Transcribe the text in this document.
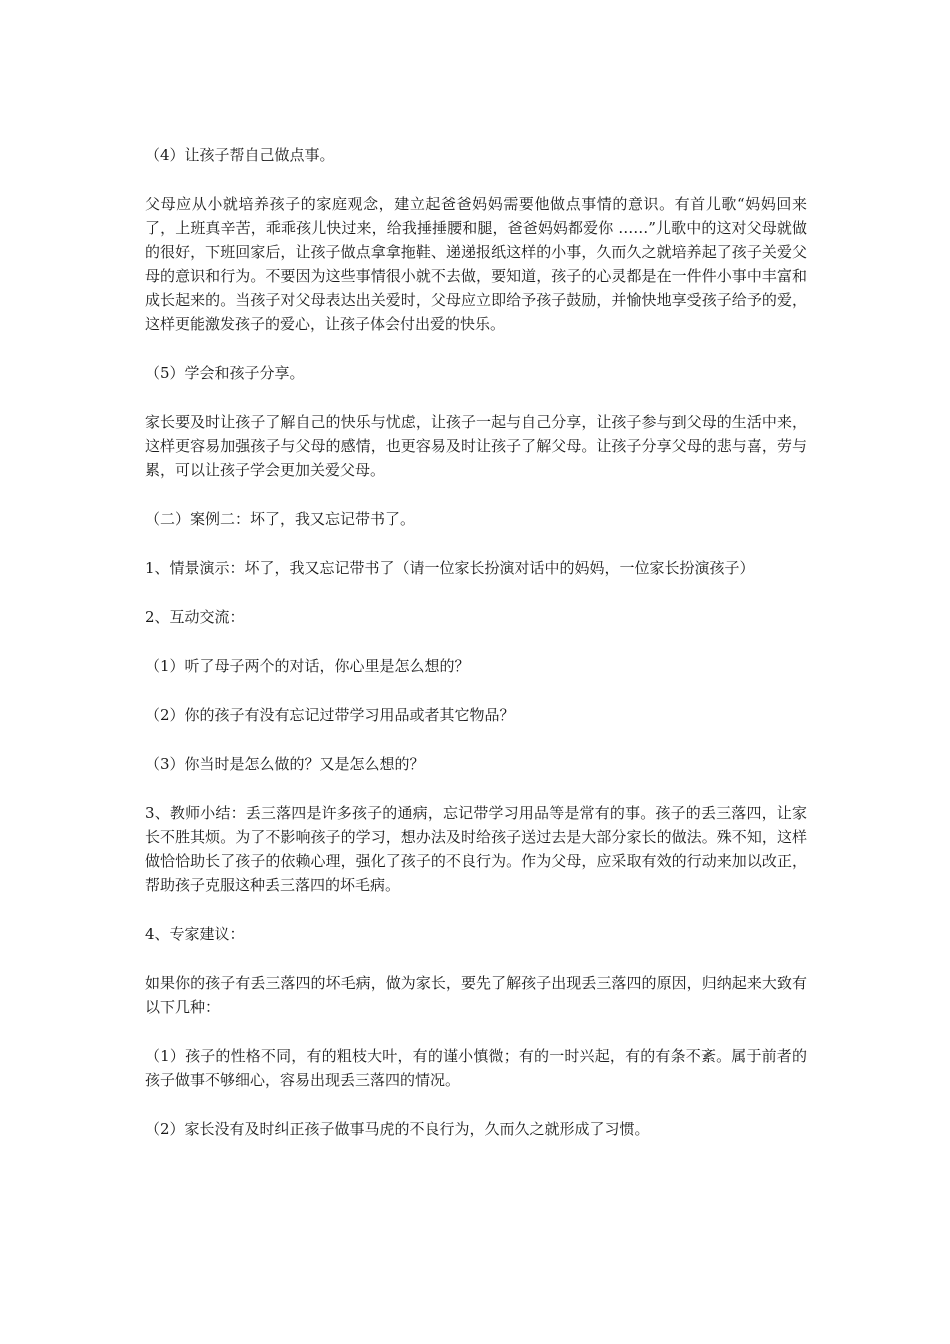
（4）让孩子帮自己做点事。

父母应从小就培养孩子的家庭观念，建立起爸爸妈妈需要他做点事情的意识。有首儿歌“妈妈回来了，上班真辛苦，乖乖孩儿快过来，给我捶捶腰和腿，爸爸妈妈都爱你 ……”儿歌中的这对父母就做的很好，下班回家后，让孩子做点拿拿拖鞋、递递报纸这样的小事，久而久之就培养起了孩子关爱父母的意识和行为。不要因为这些事情很小就不去做，要知道，孩子的心灵都是在一件件小事中丰富和成长起来的。当孩子对父母表达出关爱时，父母应立即给予孩子鼓励，并愉快地享受孩子给予的爱，这样更能激发孩子的爱心，让孩子体会付出爱的快乐。

（5）学会和孩子分享。

家长要及时让孩子了解自己的快乐与忧虑，让孩子一起与自己分享，让孩子参与到父母的生活中来，这样更容易加强孩子与父母的感情，也更容易及时让孩子了解父母。让孩子分享父母的悲与喜，劳与累，可以让孩子学会更加关爱父母。

（二）案例二：坏了，我又忘记带书了。

1、情景演示：坏了，我又忘记带书了（请一位家长扮演对话中的妈妈，一位家长扮演孩子）

2、互动交流：

（1）听了母子两个的对话，你心里是怎么想的？

（2）你的孩子有没有忘记过带学习用品或者其它物品？

（3）你当时是怎么做的？又是怎么想的？

3、教师小结：丢三落四是许多孩子的通病，忘记带学习用品等是常有的事。孩子的丢三落四，让家长不胜其烦。为了不影响孩子的学习，想办法及时给孩子送过去是大部分家长的做法。殊不知，这样做恰恰助长了孩子的依赖心理，强化了孩子的不良行为。作为父母，应采取有效的行动来加以改正，帮助孩子克服这种丢三落四的坏毛病。

4、专家建议：

如果你的孩子有丢三落四的坏毛病，做为家长，要先了解孩子出现丢三落四的原因，归纳起来大致有以下几种：

（1）孩子的性格不同，有的粗枝大叶，有的谨小慎微；有的一时兴起，有的有条不紊。属于前者的孩子做事不够细心，容易出现丢三落四的情况。

（2）家长没有及时纠正孩子做事马虎的不良行为，久而久之就形成了习惯。
